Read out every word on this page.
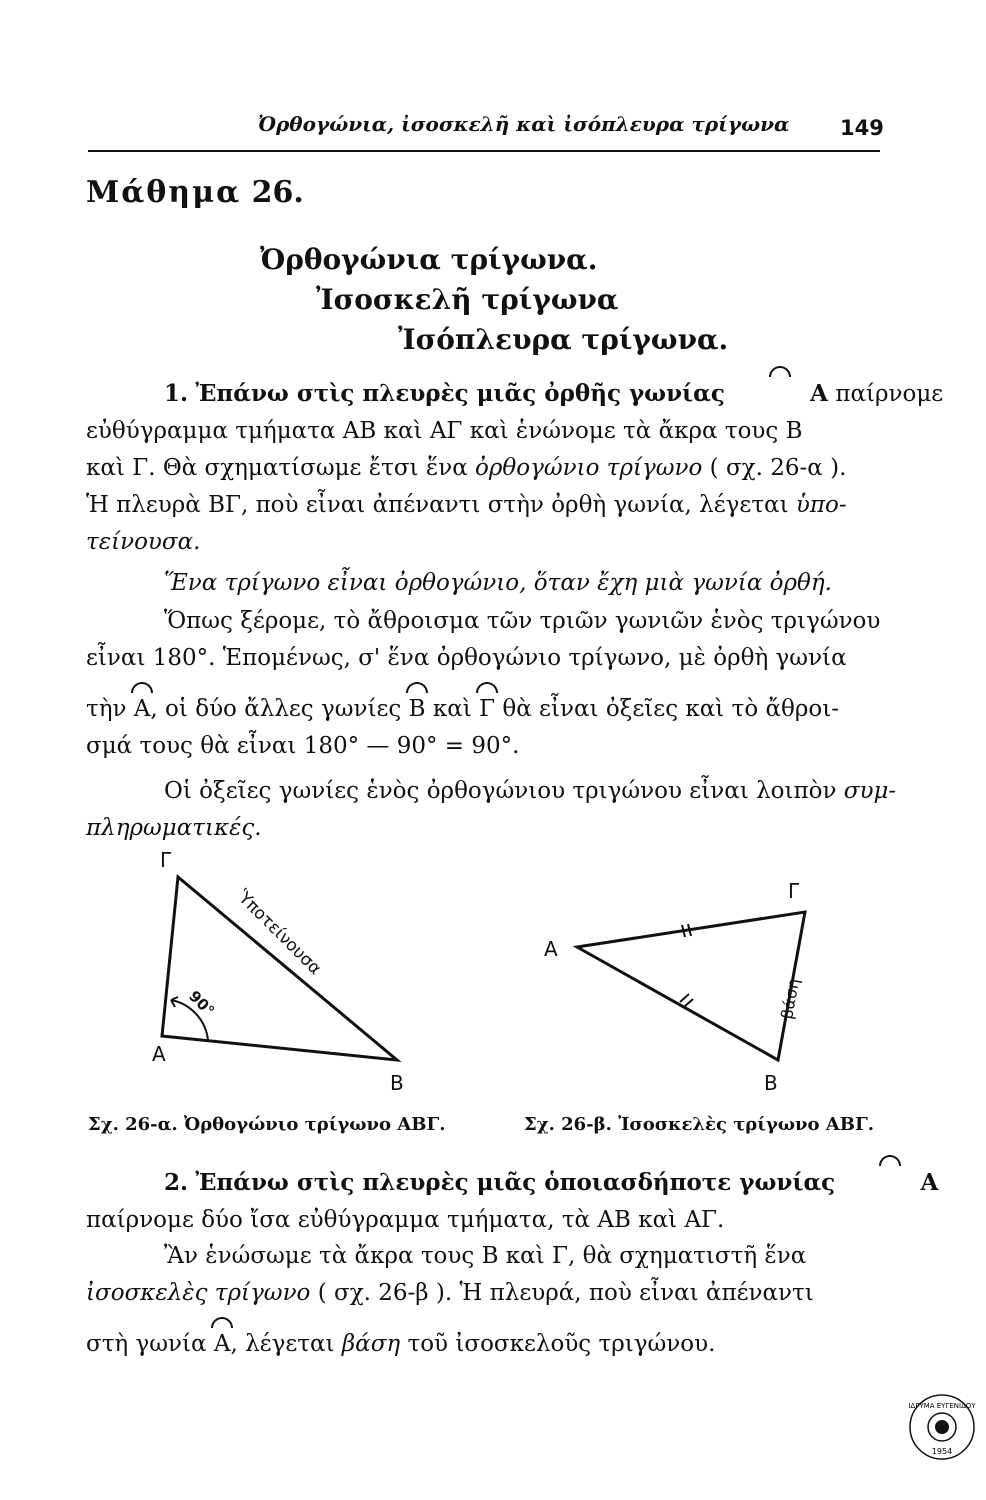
Ὀρθογώνια, ἰσοσκελῆ καὶ ἰσόπλευρα τρίγωνα 149
Μάθημα 26.
Ὀρθογώνια τρίγωνα.
Ἰσοσκελῆ τρίγωνα
Ἰσόπλευρα τρίγωνα.
1. Ἐπάνω στὶς πλευρὲς μιᾶς ὀρθῆς γωνίας	A παίρνομε
εὐθύγραμμα τμήματα AB καὶ AΓ καὶ ἑνώνομε τὰ ἄκρα τους B
καὶ Γ. Θὰ σχηματίσωμε ἔτσι ἕνα ὀρθογώνιο τρίγωνο ( σχ. 26-α ).
Ἡ πλευρὰ BΓ, ποὺ εἶναι ἀπέναντι στὴν ὀρθὴ γωνία, λέγεται ὑπο-
τείνουσα.
Ἕνα τρίγωνο εἶναι ὀρθογώνιο, ὅταν ἔχη μιὰ γωνία ὀρθή.
Ὅπως ξέρομε, τὸ ἄθροισμα τῶν τριῶν γωνιῶν ἑνὸς τριγώνου
εἶναι 180°. Ἑπομένως, σ' ἕνα ὀρθογώνιο τρίγωνο, μὲ ὀρθὴ γωνία
τὴν A, οἱ δύο ἄλλες γωνίες B καὶ Γ θὰ εἶναι ὀξεῖες καὶ τὸ ἄθροι-
σμά τους θὰ εἶναι 180° — 90° = 90°.
Οἱ ὀξεῖες γωνίες ἑνὸς ὀρθογώνιου τριγώνου εἶναι λοιπὸν συμ-
πληρωματικές.
Γ
A
B
Ὑποτείνουσα
90°
Σχ. 26-α. Ὀρθογώνιο τρίγωνο ABΓ.
A
Γ
B
βάση
Σχ. 26-β. Ἰσοσκελὲς τρίγωνο ABΓ.
2. Ἐπάνω στὶς πλευρὲς μιᾶς ὁποιασδήποτε γωνίας	A
παίρνομε δύο ἴσα εὐθύγραμμα τμήματα, τὰ AB καὶ AΓ.
Ἂν ἑνώσωμε τὰ ἄκρα τους B καὶ Γ, θὰ σχηματιστῆ ἕνα
ἰσοσκελὲς τρίγωνο ( σχ. 26-β ). Ἡ πλευρά, ποὺ εἶναι ἀπέναντι
στὴ γωνία A, λέγεται βάση τοῦ ἰσοσκελοῦς τριγώνου.
ΙΔΡΥΜΑ ΕΥΓΕΝΙΔΟΥ
1954
